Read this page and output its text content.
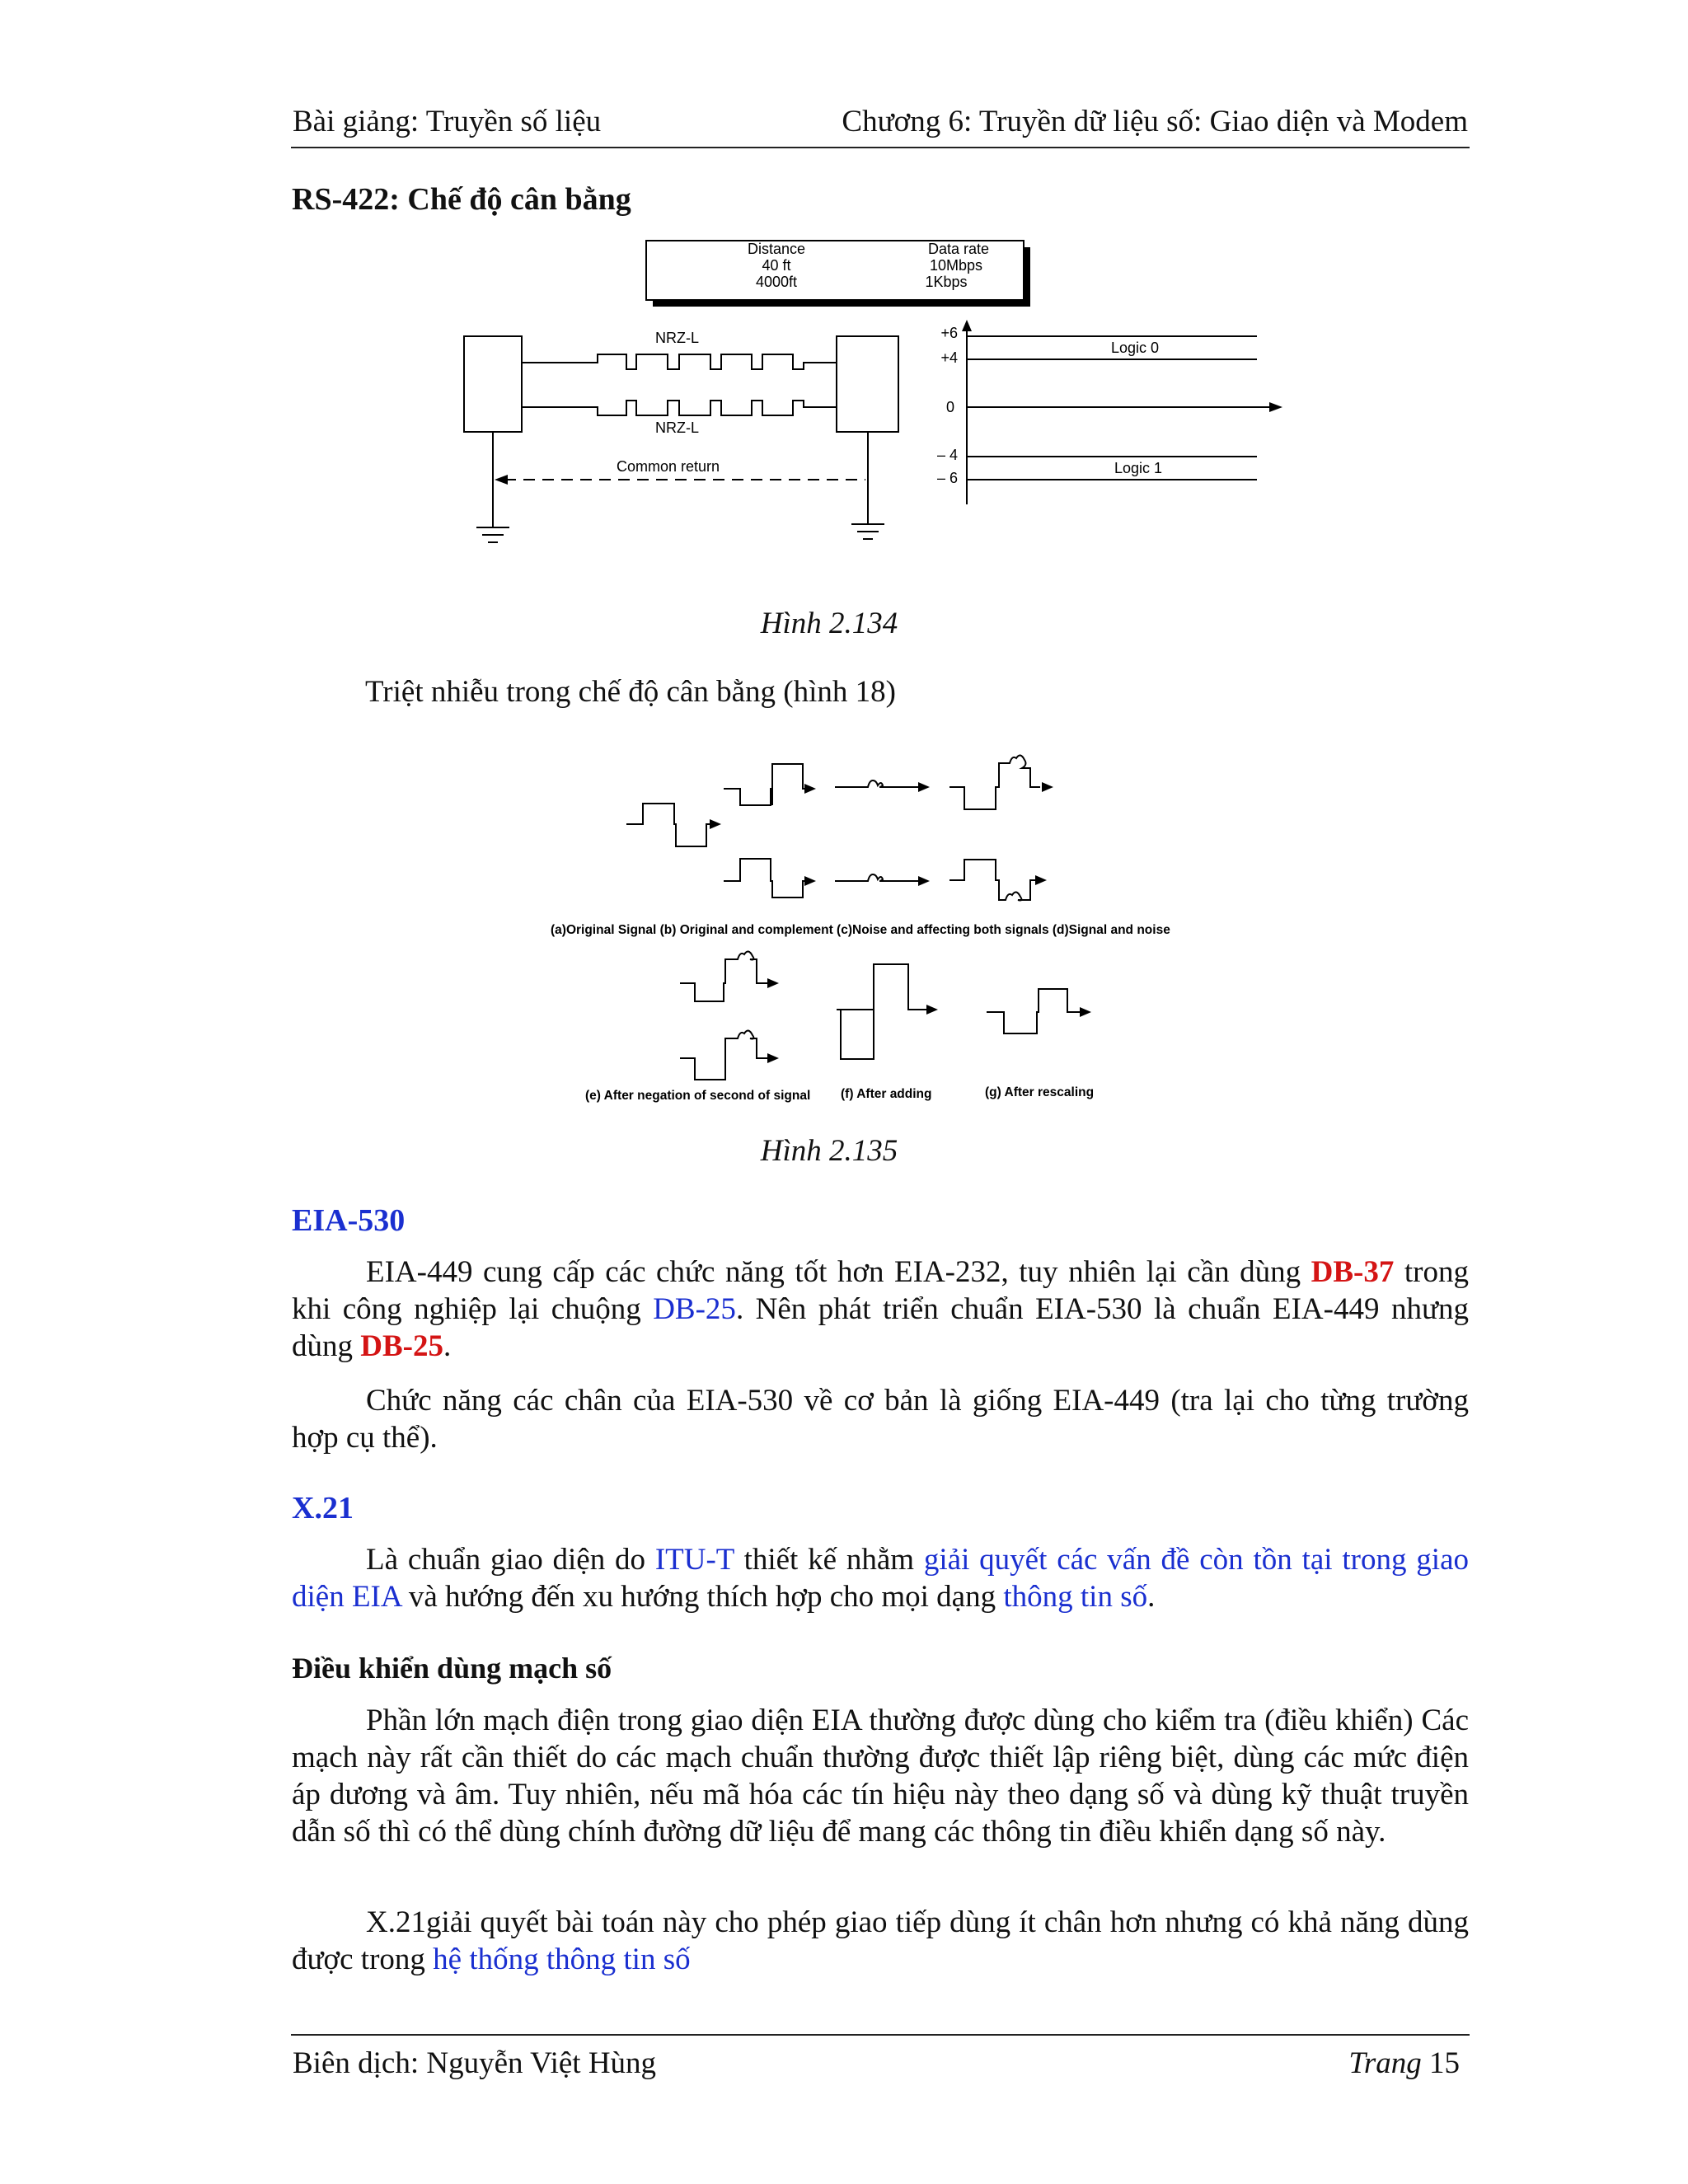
Bài giảng: Truyền số liệu	Chương 6: Truyền dữ liệu số: Giao diện và Modem
RS-422: Chế độ cân bằng
Distance	Data rate
40 ft	10Mbps
4000ft	1Kbps
NRZ-L
NRZ-L
Common return
+6
+4
0
– 4
– 6
Logic 0
Logic 1
Hình 2.134
Triệt nhiễu trong chế độ cân bằng (hình 18)
(a)Original Signal (b) Original and complement (c)Noise and affecting both signals (d)Signal and noise
(e) After negation of second of signal (f) After adding	(g) After rescaling
Hình 2.135
EIA-530

EIA-449 cung cấp các chức năng tốt hơn EIA-232, tuy nhiên lại cần dùng DB-37 trong khi công nghiệp lại chuộng DB-25. Nên phát triển chuẩn EIA-530 là chuẩn EIA-449 nhưng dùng DB-25.

Chức năng các chân của EIA-530 về cơ bản là giống EIA-449 (tra lại cho từng trường hợp cụ thể).

X.21

Là chuẩn giao diện do ITU-T thiết kế nhằm giải quyết các vấn đề còn tồn tại trong giao diện EIA và hướng đến xu hướng thích hợp cho mọi dạng thông tin số.

Điều khiển dùng mạch số

Phần lớn mạch điện trong giao diện EIA thường được dùng cho kiểm tra (điều khiển) Các mạch này rất cần thiết do các mạch chuẩn thường được thiết lập riêng biệt, dùng các mức điện áp dương và âm. Tuy nhiên, nếu mã hóa các tín hiệu này theo dạng số và dùng kỹ thuật truyền dẫn số thì có thể dùng chính đường dữ liệu để mang các thông tin điều khiển dạng số này.

X.21giải quyết bài toán này cho phép giao tiếp dùng ít chân hơn nhưng có khả năng dùng được trong hệ thống thông tin số

Biên dịch: Nguyễn Việt Hùng	Trang 15
